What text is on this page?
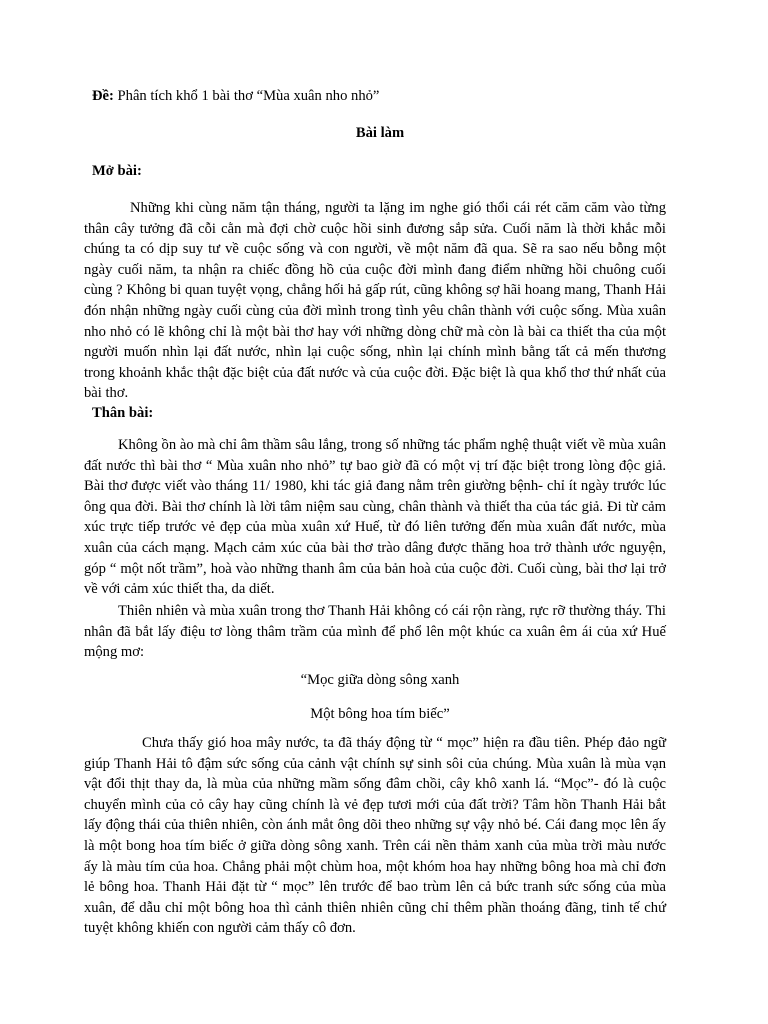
Đề: Phân tích khổ 1 bài thơ “Mùa xuân nho nhỏ”
Bài làm
Mở bài:

Những khi cùng năm tận tháng, người ta lặng im nghe gió thổi cái rét căm căm vào từng thân cây tưởng đã cỗi cằn mà đợi chờ cuộc hồi sinh đương sắp sửa. Cuối năm là thời khắc mỗi chúng ta có dịp suy tư về cuộc sống và con người, về một năm đã qua. Sẽ ra sao nếu bỗng một ngày cuối năm, ta nhận ra chiếc đồng hồ của cuộc đời mình đang điểm những hồi chuông cuối cùng ? Không bi quan tuyệt vọng, chẳng hối hả gấp rút, cũng không sợ hãi hoang mang, Thanh Hải đón nhận những ngày cuối cùng của đời mình trong tình yêu chân thành với cuộc sống. Mùa xuân nho nhỏ có lẽ không chỉ là một bài thơ hay với những dòng chữ mà còn là bài ca thiết tha của một người muốn nhìn lại đất nước, nhìn lại cuộc sống, nhìn lại chính mình bằng tất cả mến thương trong khoảnh khắc thật đặc biệt của đất nước và của cuộc đời. Đặc biệt là qua khổ thơ thứ nhất của bài thơ.

Thân bài:

Không ồn ào mà chỉ âm thầm sâu lắng, trong số những tác phẩm nghệ thuật viết về mùa xuân đất nước thì bài thơ “ Mùa xuân nho nhỏ” tự bao giờ đã có một vị trí đặc biệt trong lòng độc giả. Bài thơ được viết vào tháng 11/ 1980, khi tác giả đang nằm trên giường bệnh- chỉ ít ngày trước lúc ông qua đời. Bài thơ chính là lời tâm niệm sau cùng, chân thành và thiết tha của tác giả. Đi từ cảm xúc trực tiếp trước vẻ đẹp của mùa xuân xứ Huế, từ đó liên tưởng đến mùa xuân đất nước, mùa xuân của cách mạng. Mạch cảm xúc của bài thơ trào dâng được thăng hoa trở thành ước nguyện, góp “ một nốt trầm”, hoà vào những thanh âm của bản hoà của cuộc đời. Cuối cùng, bài thơ lại trở về với cảm xúc thiết tha, da diết.

Thiên nhiên và mùa xuân trong thơ Thanh Hải không có cái rộn ràng, rực rỡ thường tháy. Thi nhân đã bắt lấy điệu tơ lòng thâm trầm của mình để phổ lên một khúc ca xuân êm ái của xứ Huế mộng mơ:

“Mọc giữa dòng sông xanh
Một bông hoa tím biếc”

Chưa thấy gió hoa mây nước, ta đã tháy động từ “ mọc” hiện ra đầu tiên. Phép đảo ngữ giúp Thanh Hải tô đậm sức sống của cảnh vật chính sự sinh sôi của chúng. Mùa xuân là mùa vạn vật đổi thịt thay da, là mùa của những mầm sống đâm chồi, cây khô xanh lá. “Mọc”- đó là cuộc chuyển mình của cỏ cây hay cũng chính là vẻ đẹp tươi mới của đất trời? Tâm hồn Thanh Hải bắt lấy động thái của thiên nhiên, còn ánh mắt ông dõi theo những sự vậy nhỏ bé. Cái đang mọc lên ấy là một bong hoa tím biếc ở giữa dòng sông xanh. Trên cái nền thảm xanh của mùa trời màu nước ấy là màu tím của hoa. Chẳng phải một chùm hoa, một khóm hoa hay những bông hoa mà chỉ đơn lẻ bông hoa. Thanh Hải đặt từ “ mọc” lên trước để bao trùm lên cả bức tranh sức sống của mùa xuân, để dẫu chỉ một bông hoa thì cảnh thiên nhiên cũng chỉ thêm phần thoáng đãng, tinh tế chứ tuyệt không khiến con người cảm thấy cô đơn.
